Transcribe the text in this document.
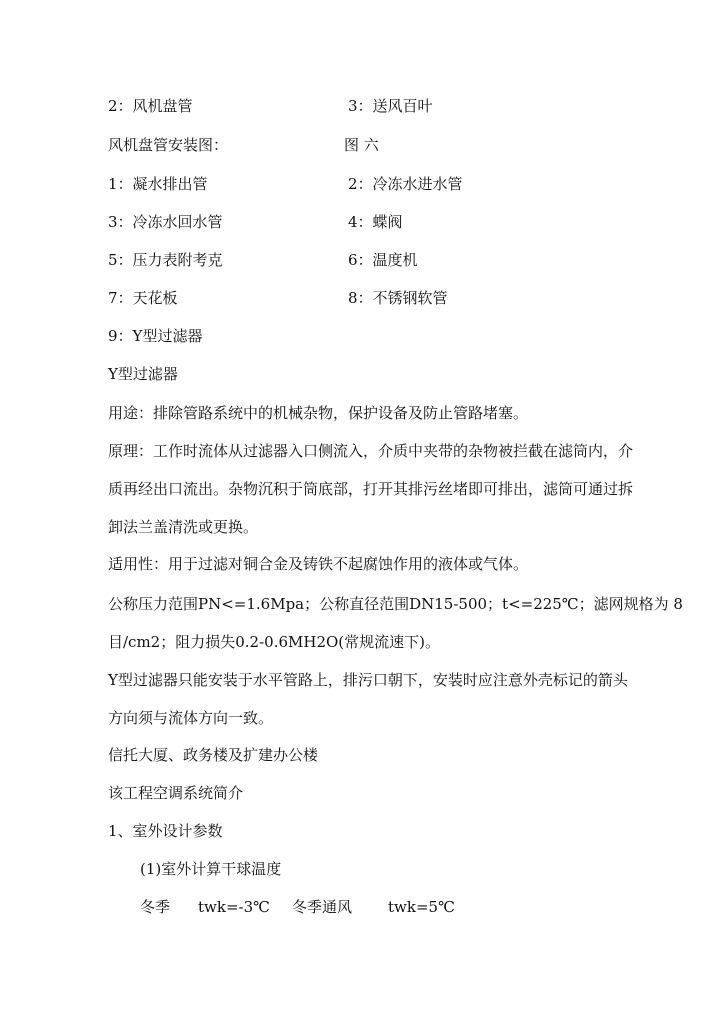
2：风机盘管	3：送风百叶
风机盘管安装图：	图 六
1：凝水排出管	2：冷冻水进水管
3：冷冻水回水管	4：蝶阀
5：压力表附考克	6：温度机
7：天花板	8：不锈钢软管
9：Y型过滤器
Y型过滤器
用途：排除管路系统中的机械杂物，保护设备及防止管路堵塞。
原理：工作时流体从过滤器入口侧流入，介质中夹带的杂物被拦截在滤筒内，介
质再经出口流出。杂物沉积于筒底部，打开其排污丝堵即可排出，滤筒可通过拆
卸法兰盖清洗或更换。
适用性：用于过滤对铜合金及铸铁不起腐蚀作用的液体或气体。
公称压力范围PN<=1.6Mpa；公称直径范围DN15-500；t<=225℃；滤网规格为 8
目/cm2；阻力损失0.2-0.6MH2O(常规流速下)。
Y型过滤器只能安装于水平管路上，排污口朝下，安装时应注意外壳标记的箭头
方向须与流体方向一致。
信托大厦、政务楼及扩建办公楼
该工程空调系统简介
1、室外设计参数
(1)室外计算干球温度
冬季 twk=-3℃ 冬季通风 twk=5℃
